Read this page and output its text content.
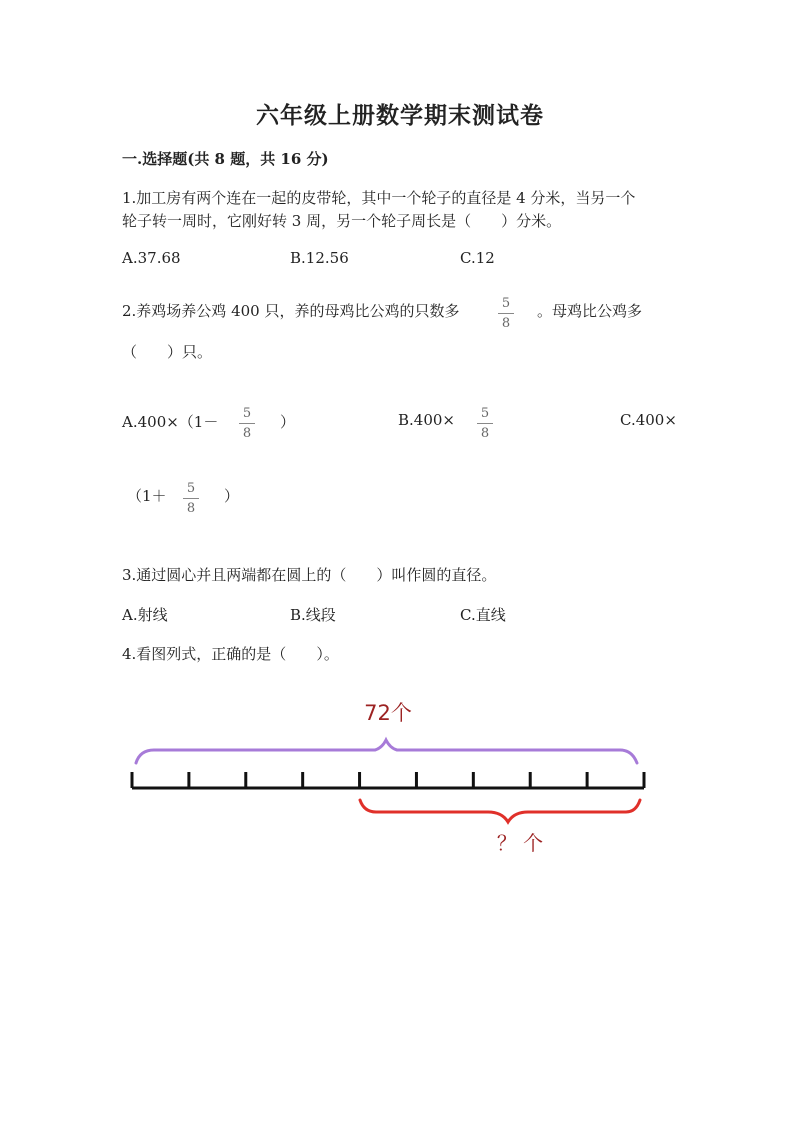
六年级上册数学期末测试卷
一.选择题(共 8 题，共 16 分)
1.加工房有两个连在一起的皮带轮，其中一个轮子的直径是 4 分米，当另一个
轮子转一周时，它刚好转 3 周，另一个轮子周长是（　　）分米。
A.37.68	B.12.56	C.12
2.养鸡场养公鸡 400 只，养的母鸡比公鸡的只数多	5
8
。母鸡比公鸡多
（　　）只。
A.400×（1－	5
8
）	B.400×	5
8
C.400×
（1＋	5
8
）
3.通过圆心并且两端都在圆上的（　　）叫作圆的直径。
A.射线	B.线段	C.直线
4.看图列式，正确的是（　　）。
72个
？ 个
